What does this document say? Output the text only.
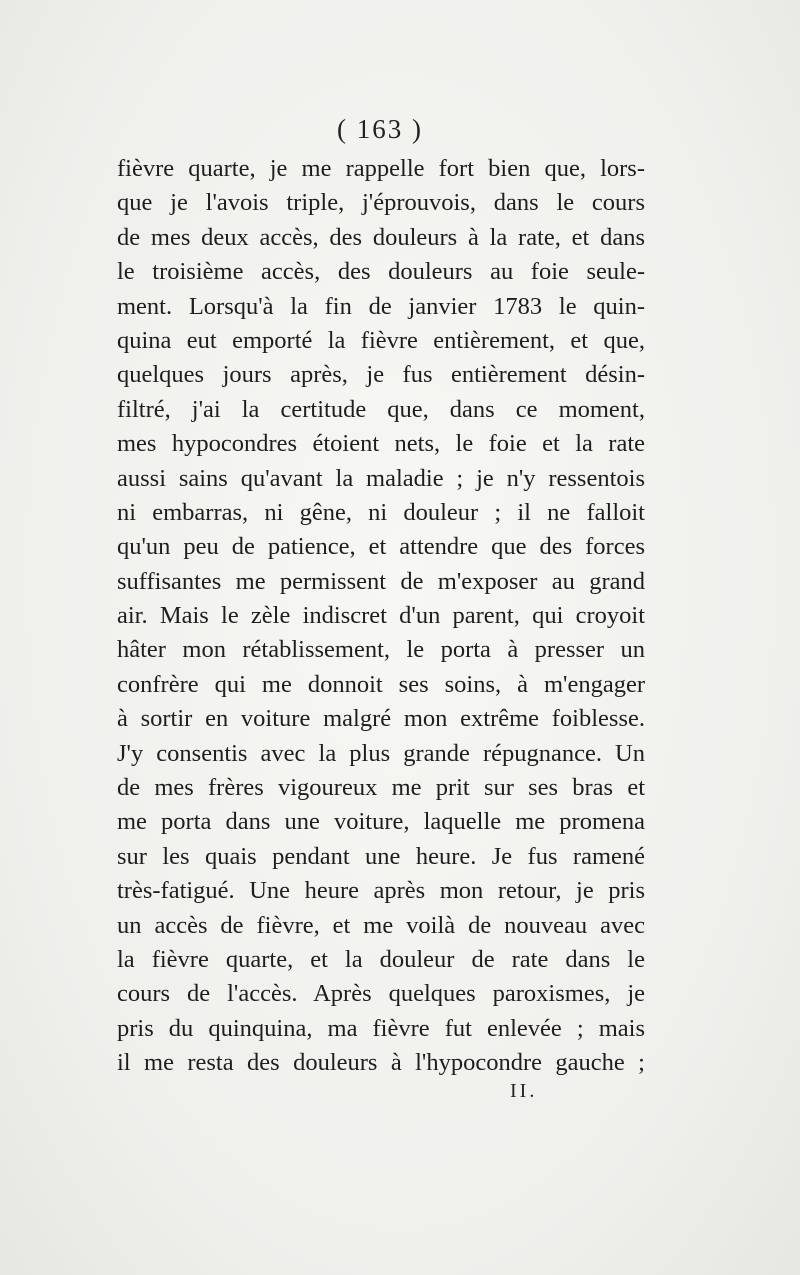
( 163 )
fièvre quarte, je me rappelle fort bien que, lors-
que je l'avois triple, j'éprouvois, dans le cours
de mes deux accès, des douleurs à la rate, et dans
le troisième accès, des douleurs au foie seule-
ment. Lorsqu'à la fin de janvier 1783 le quin-
quina eut emporté la fièvre entièrement, et que,
quelques jours après, je fus entièrement désin-
filtré, j'ai la certitude que, dans ce moment,
mes hypocondres étoient nets, le foie et la rate
aussi sains qu'avant la maladie ; je n'y ressentois
ni embarras, ni gêne, ni douleur ; il ne falloit
qu'un peu de patience, et attendre que des forces
suffisantes me permissent de m'exposer au grand
air. Mais le zèle indiscret d'un parent, qui croyoit
hâter mon rétablissement, le porta à presser un
confrère qui me donnoit ses soins, à m'engager
à sortir en voiture malgré mon extrême foiblesse.
J'y consentis avec la plus grande répugnance. Un
de mes frères vigoureux me prit sur ses bras et
me porta dans une voiture, laquelle me promena
sur les quais pendant une heure. Je fus ramené
très-fatigué. Une heure après mon retour, je pris
un accès de fièvre, et me voilà de nouveau avec
la fièvre quarte, et la douleur de rate dans le
cours de l'accès. Après quelques paroxismes, je
pris du quinquina, ma fièvre fut enlevée ; mais
il me resta des douleurs à l'hypocondre gauche ;
II.
